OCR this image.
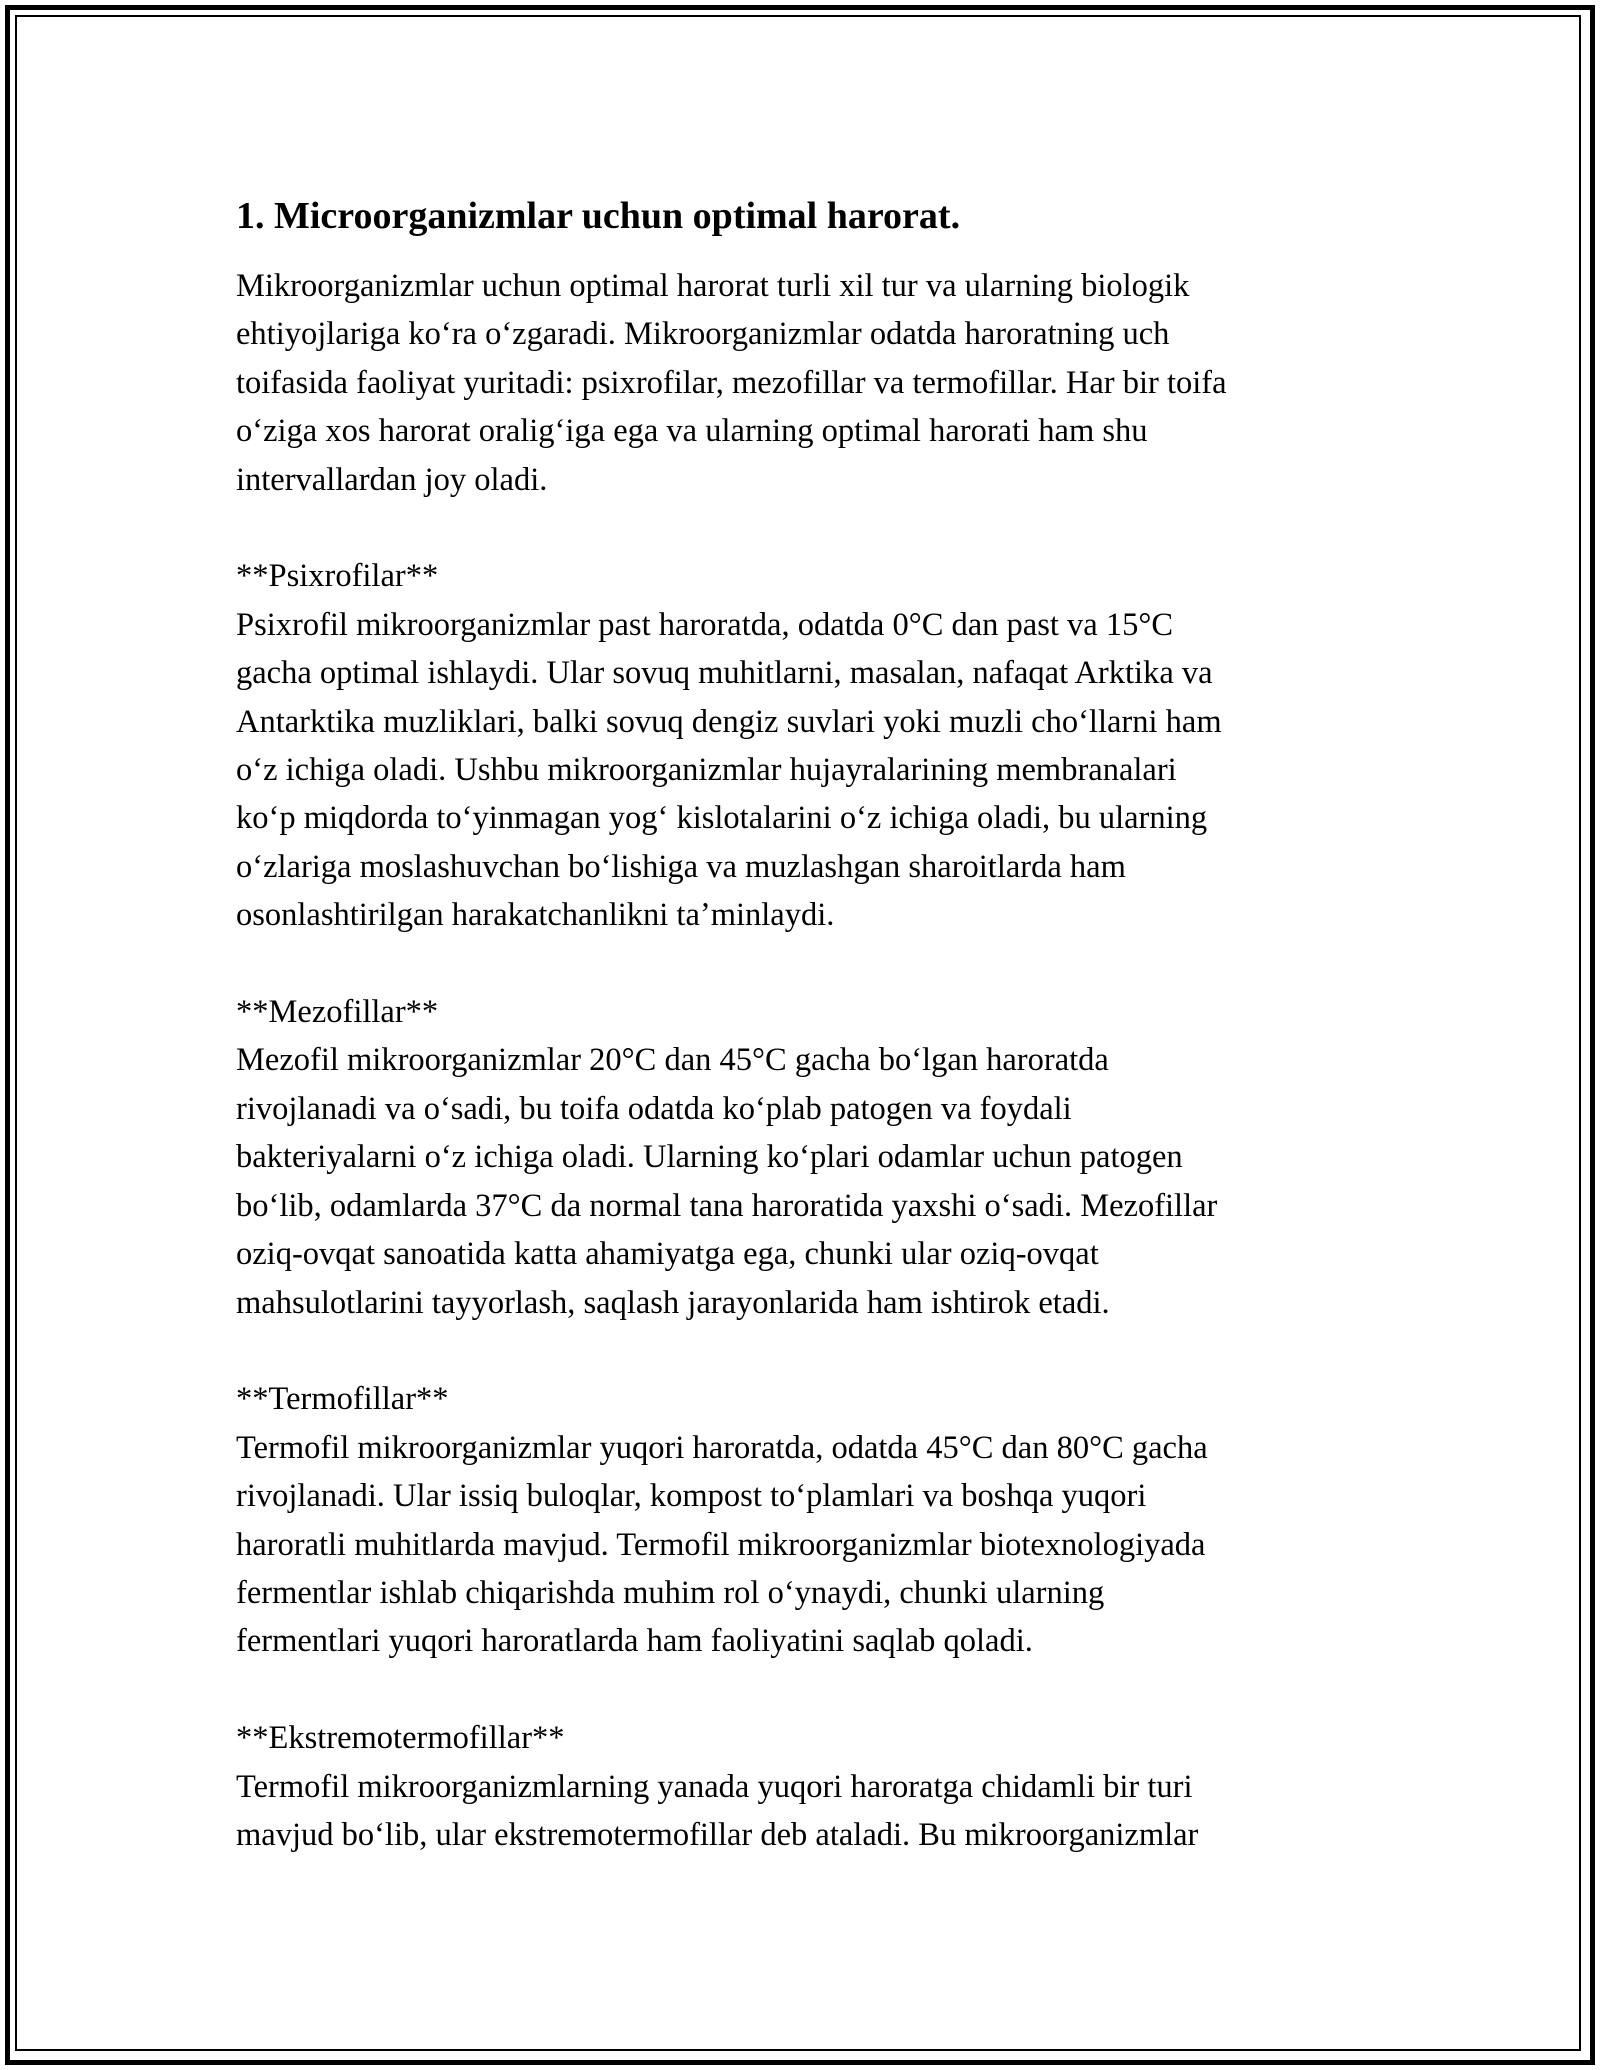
1. Microorganizmlar uchun optimal harorat.

Mikroorganizmlar uchun optimal harorat turli xil tur va ularning biologik
ehtiyojlariga koʻra oʻzgaradi. Mikroorganizmlar odatda haroratning uch
toifasida faoliyat yuritadi: psixrofilar, mezofillar va termofillar. Har bir toifa
oʻziga xos harorat oraligʻiga ega va ularning optimal harorati ham shu
intervallardan joy oladi.

**Psixrofilar**

Psixrofil mikroorganizmlar past haroratda, odatda 0°C dan past va 15°C
gacha optimal ishlaydi. Ular sovuq muhitlarni, masalan, nafaqat Arktika va
Antarktika muzliklari, balki sovuq dengiz suvlari yoki muzli choʻllarni ham
oʻz ichiga oladi. Ushbu mikroorganizmlar hujayralarining membranalari
koʻp miqdorda toʻyinmagan yogʻ kislotalarini oʻz ichiga oladi, bu ularning
oʻzlariga moslashuvchan boʻlishiga va muzlashgan sharoitlarda ham
osonlashtirilgan harakatchanlikni taʼminlaydi.

**Mezofillar**

Mezofil mikroorganizmlar 20°C dan 45°C gacha boʻlgan haroratda
rivojlanadi va oʻsadi, bu toifa odatda koʻplab patogen va foydali
bakteriyalarni oʻz ichiga oladi. Ularning koʻplari odamlar uchun patogen
boʻlib, odamlarda 37°C da normal tana haroratida yaxshi oʻsadi. Mezofillar
oziq-ovqat sanoatida katta ahamiyatga ega, chunki ular oziq-ovqat
mahsulotlarini tayyorlash, saqlash jarayonlarida ham ishtirok etadi.

**Termofillar**

Termofil mikroorganizmlar yuqori haroratda, odatda 45°C dan 80°C gacha
rivojlanadi. Ular issiq buloqlar, kompost toʻplamlari va boshqa yuqori
haroratli muhitlarda mavjud. Termofil mikroorganizmlar biotexnologiyada
fermentlar ishlab chiqarishda muhim rol oʻynaydi, chunki ularning
fermentlari yuqori haroratlarda ham faoliyatini saqlab qoladi.

**Ekstremotermofillar**

Termofil mikroorganizmlarning yanada yuqori haroratga chidamli bir turi
mavjud boʻlib, ular ekstremotermofillar deb ataladi. Bu mikroorganizmlar
